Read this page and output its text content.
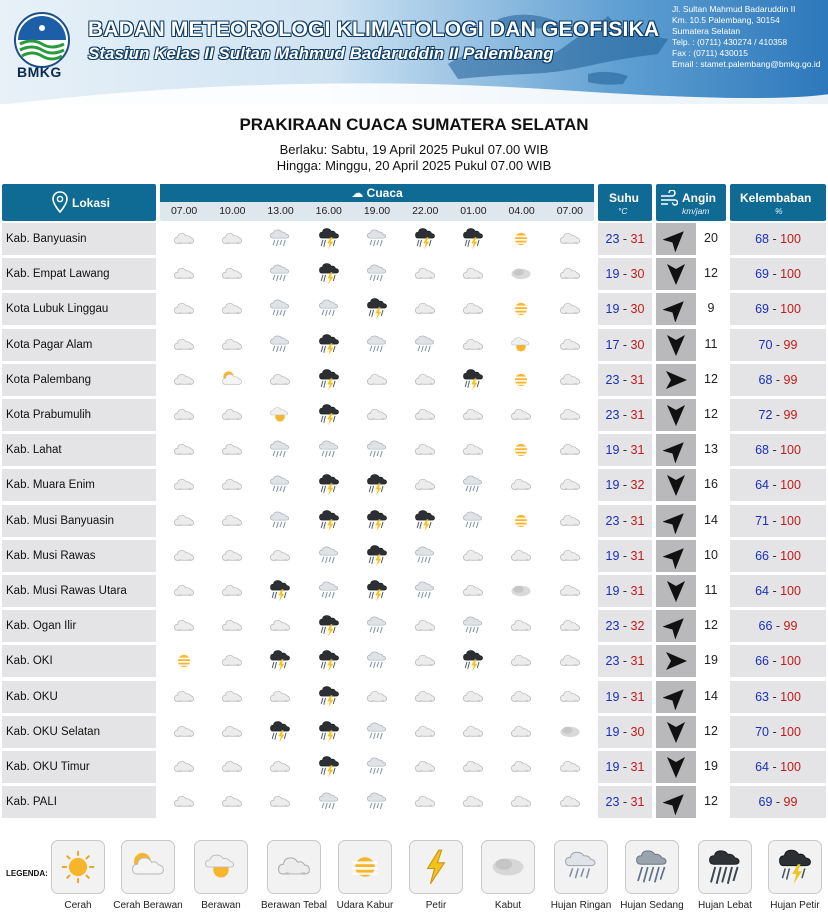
BMKG
BADAN METEOROLOGI KLIMATOLOGI DAN GEOFISIKA
Stasiun Kelas II Sultan Mahmud Badaruddin II Palembang
Jl. Sultan Mahmud Badaruddin II
Km. 10.5 Palembang, 30154
Sumatera Selatan
Telp. : (0711) 430274 / 410358
Fax : (0711) 430015
Email : stamet.palembang@bmkg.go.id
PRAKIRAAN CUACA SUMATERA SELATAN
Berlaku: Sabtu, 19 April 2025 Pukul 07.00 WIB
Hingga: Minggu, 20 April 2025 Pukul 07.00 WIB
Lokasi
☁ Cuaca
07.00	10.00	13.00	16.00	19.00	22.00	01.00	04.00	07.00
Suhu
°C
Angin
km/jam
Kelembaban
%
Kab. Banyuasin	23 - 31	20	68 - 100
Kab. Empat Lawang	19 - 30	12	69 - 100
Kota Lubuk Linggau	19 - 30	9	69 - 100
Kota Pagar Alam	17 - 30	11	70 - 99
Kota Palembang	23 - 31	12	68 - 99
Kota Prabumulih	23 - 31	12	72 - 99
Kab. Lahat	19 - 31	13	68 - 100
Kab. Muara Enim	19 - 32	16	64 - 100
Kab. Musi Banyuasin	23 - 31	14	71 - 100
Kab. Musi Rawas	19 - 31	10	66 - 100
Kab. Musi Rawas Utara	19 - 31	11	64 - 100
Kab. Ogan Ilir	23 - 32	12	66 - 99
Kab. OKI	23 - 31	19	66 - 100
Kab. OKU	19 - 31	14	63 - 100
Kab. OKU Selatan	19 - 30	12	70 - 100
Kab. OKU Timur	19 - 31	19	64 - 100
Kab. PALI	23 - 31	12	69 - 99
LEGENDA:
Cerah	Cerah Berawan	Berawan	Berawan Tebal Udara Kabur	Petir	Kabut	Hujan Ringan Hujan Sedang	Hujan Lebat	Hujan Petir
